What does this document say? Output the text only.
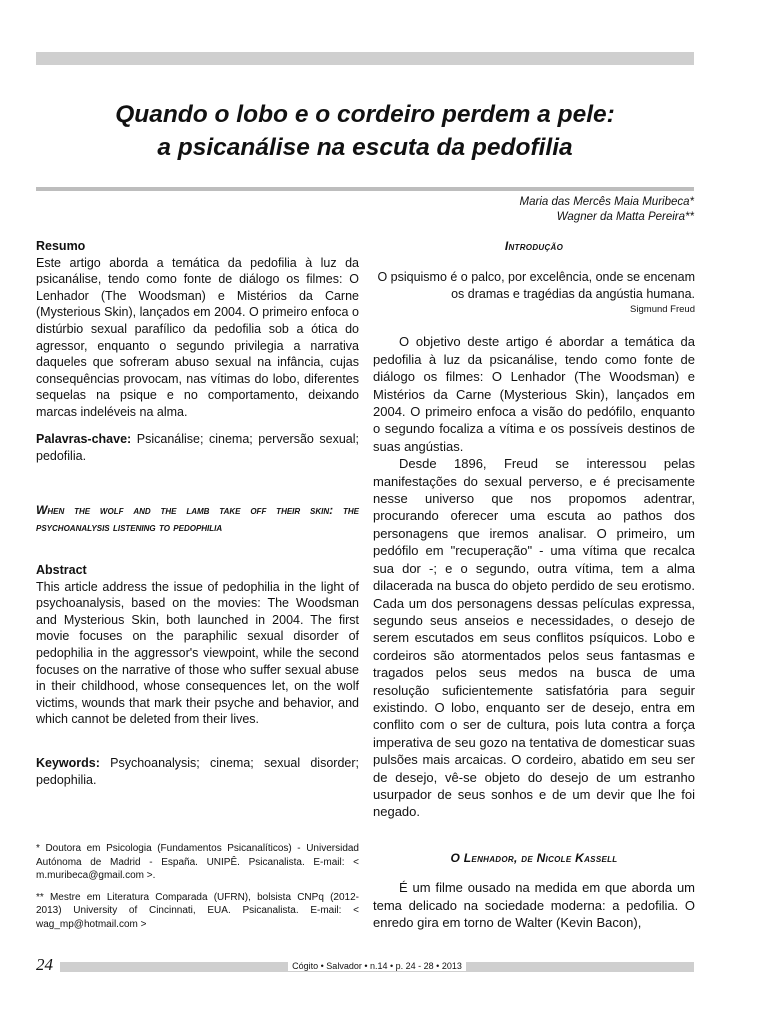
Quando o lobo e o cordeiro perdem a pele:
a psicanálise na escuta da pedofilia
Maria das Mercês Maia Muribeca*
Wagner da Matta Pereira**
Resumo

Este artigo aborda a temática da pedofilia à luz da psicanálise, tendo como fonte de diálogo os filmes: O Lenhador (The Woodsman) e Mistérios da Carne (Mysterious Skin), lançados em 2004. O primeiro enfoca o distúrbio sexual parafílico da pedofilia sob a ótica do agressor, enquanto o segundo privilegia a narrativa daqueles que sofreram abuso sexual na infância, cujas consequências provocam, nas vítimas do lobo, diferentes sequelas na psique e no comportamento, deixando marcas indeléveis na alma.

Palavras-chave: Psicanálise; cinema; perversão sexual; pedofilia.
When the wolf and the lamb take off their skin: the psychoanalysis listening to pedophilia
Abstract

This article address the issue of pedophilia in the light of psychoanalysis, based on the movies: The Woodsman and Mysterious Skin, both launched in 2004. The first movie focuses on the paraphilic sexual disorder of pedophilia in the aggressor's viewpoint, while the second focuses on the narrative of those who suffer sexual abuse in their childhood, whose consequences let, on the wolf victims, wounds that mark their psyche and behavior, and which cannot be deleted from their lives.

Keywords: Psychoanalysis; cinema; sexual disorder; pedophilia.

* Doutora em Psicologia (Fundamentos Psicanalíticos) - Universidad Autónoma de Madrid - España. UNIPÊ. Psicanalista. E-mail: < m.muribeca@gmail.com >.

** Mestre em Literatura Comparada (UFRN), bolsista CNPq (2012- 2013) University of Cincinnati, EUA. Psicanalista. E-mail: < wag_mp@hotmail.com >

Introdução

O psiquismo é o palco, por excelência, onde se encenam os dramas e tragédias da angústia humana.

Sigmund Freud

O objetivo deste artigo é abordar a temática da pedofilia à luz da psicanálise, tendo como fonte de diálogo os filmes: O Lenhador (The Woodsman) e Mistérios da Carne (Mysterious Skin), lançados em 2004. O primeiro enfoca a visão do pedófilo, enquanto o segundo focaliza a vítima e os possíveis destinos de suas angústias.

Desde 1896, Freud se interessou pelas manifestações do sexual perverso, e é precisamente nesse universo que nos propomos adentrar, procurando oferecer uma escuta ao pathos dos personagens que iremos analisar. O primeiro, um pedófilo em "recuperação" - uma vítima que recalca sua dor -; e o segundo, outra vítima, tem a alma dilacerada na busca do objeto perdido de seu erotismo. Cada um dos personagens dessas películas expressa, segundo seus anseios e necessidades, o desejo de serem escutados em seus conflitos psíquicos. Lobo e cordeiros são atormentados pelos seus fantasmas e tragados pelos seus medos na busca de uma resolução suficientemente satisfatória para seguir existindo. O lobo, enquanto ser de desejo, entra em conflito com o ser de cultura, pois luta contra a força imperativa de seu gozo na tentativa de domesticar suas pulsões mais arcaicas. O cordeiro, abatido em seu ser de desejo, vê-se objeto do desejo de um estranho usurpador de seus sonhos e de um devir que lhe foi negado.

O Lenhador, de Nicole Kassell

É um filme ousado na medida em que aborda um tema delicado na sociedade moderna: a pedofilia. O enredo gira em torno de Walter (Kevin Bacon),

24	Cógito • Salvador • n.14 • p. 24 - 28 • 2013
